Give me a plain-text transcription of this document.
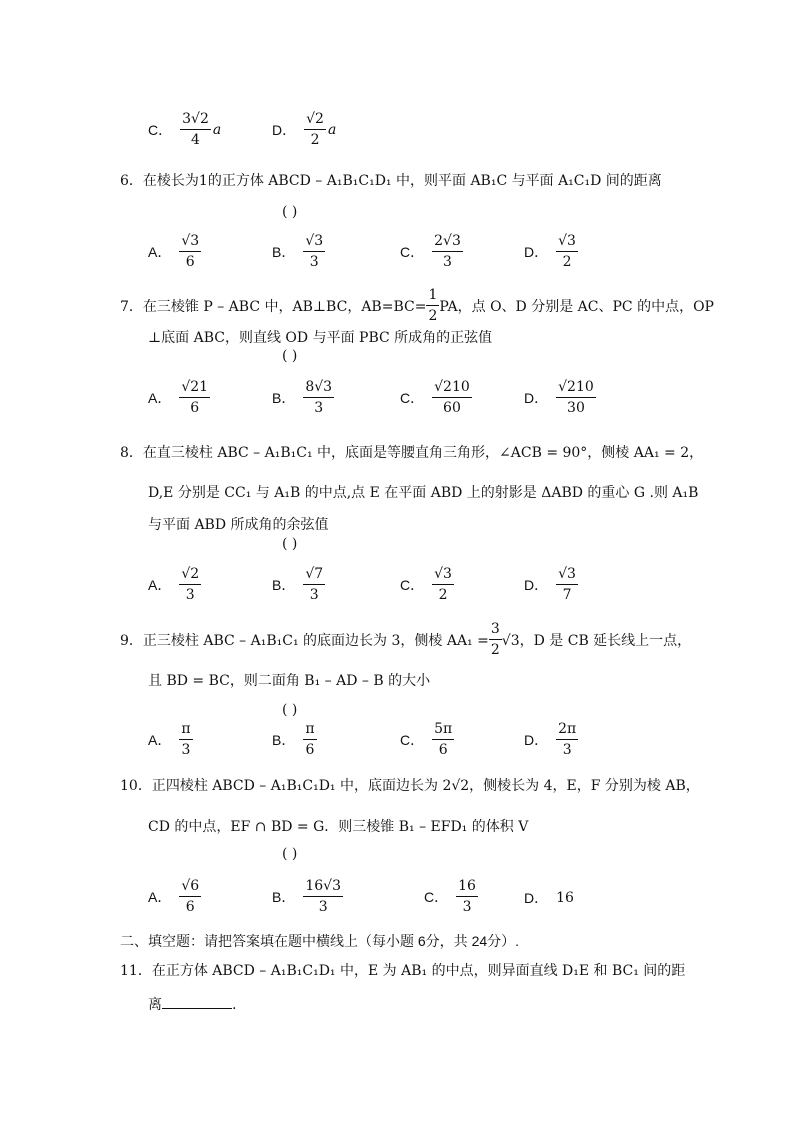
C． $\frac{3√2}{4}$ a	D． $\frac{√2}{2}$ a
6．在棱长为1的正方体 ABCD – A₁B₁C₁D₁ 中，则平面 AB₁C 与平面 A₁C₁D 间的距离
( )
A． $\frac{√3}{6}$	B． $\frac{√3}{3}$	C． $\frac{2√3}{3}$	D． $\frac{√3}{2}$
7．在三棱锥 P – ABC 中，AB⊥BC，$AB=BC= \frac{1}{2}$ PA，点 O、D 分别是 AC、PC 的中点，OP
⊥底面 ABC，则直线 OD 与平面 PBC 所成角的正弦值
( )
A． $\frac{√21}{6}$	B． $\frac{8√3}{3}$	C． $\frac{√210}{60}$	D． $\frac{√210}{30}$
8．在直三棱柱 ABC – A₁B₁C₁ 中，底面是等腰直角三角形，∠ACB = 90°，侧棱 AA₁ = 2，
D,E 分别是 CC₁ 与 A₁B 的中点,点 E 在平面 ABD 上的射影是 ΔABD 的重心 G .则 A₁B
与平面 ABD 所成角的余弦值
( )
A． $\frac{√2}{3}$	B． $\frac{√7}{3}$	C． $\frac{√3}{2}$	D． $\frac{√3}{7}$
9．正三棱柱 ABC – A₁B₁C₁ 的底面边长为 3，侧棱 $AA_1 = \frac{3}{2} √3$，D 是 CB 延长线上一点，
且 BD = BC，则二面角 B₁ – AD – B 的大小
( )
A． $\frac{\pi}{3}$	B． $\frac{\pi}{6}$	C． $\frac{5\pi}{6}$	D． $\frac{2\pi}{3}$
10．正四棱柱 ABCD – A₁B₁C₁D₁ 中，底面边长为 2√2，侧棱长为 4，E，F 分别为棱 AB，
CD 的中点，EF ∩ BD = G．则三棱锥 B₁ – EFD₁ 的体积 V
( )
A． $\frac{√6}{6}$	B． $\frac{16√3}{3}$	C． $\frac{16}{3}$	D． 16
二、填空题：请把答案填在题中横线上（每小题 6分，共 24分）.
11．在正方体 ABCD – A₁B₁C₁D₁ 中，E 为 AB₁ 的中点，则异面直线 D₁E 和 BC₁ 间的距
离	.
